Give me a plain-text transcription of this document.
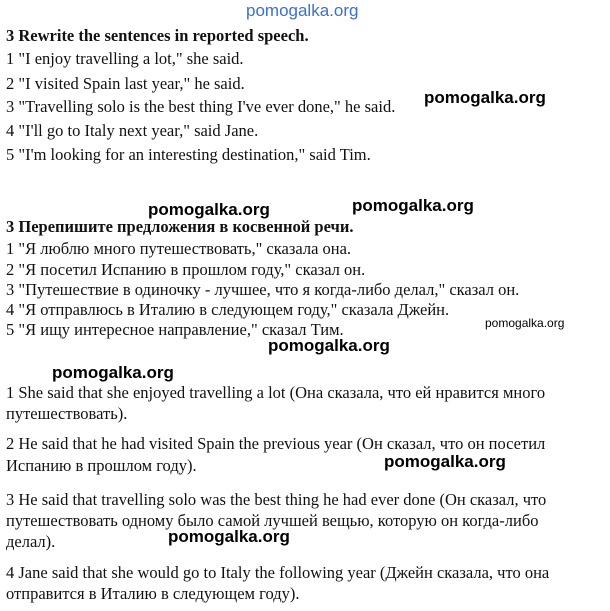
pomogalka.org
pomogalka.org
pomogalka.org	pomogalka.org
pomogalka.org
pomogalka.org
pomogalka.org
pomogalka.org
pomogalka.org
3 Rewrite the sentences in reported speech.
1 "I enjoy travelling a lot," she said.
2 "I visited Spain last year," he said.
3 "Travelling solo is the best thing I've ever done," he said.
4 "I'll go to Italy next year," said Jane.
5 "I'm looking for an interesting destination," said Tim.
3 Перепишите предложения в косвенной речи.
1 "Я люблю много путешествовать," сказала она.
2 "Я посетил Испанию в прошлом году," сказал он.
3 "Путешествие в одиночку - лучшее, что я когда-либо делал," сказал он.
4 "Я отправлюсь в Италию в следующем году," сказала Джейн.
5 "Я ищу интересное направление," сказал Тим.
1 She said that she enjoyed travelling a lot (Она сказала, что ей нравится много
путешествовать).
2 He said that he had visited Spain the previous year (Он сказал, что он посетил
Испанию в прошлом году).
3 He said that travelling solo was the best thing he had ever done (Он сказал, что
путешествовать одному было самой лучшей вещью, которую он когда-либо
делал).
4 Jane said that she would go to Italy the following year (Джейн сказала, что она
отправится в Италию в следующем году).
